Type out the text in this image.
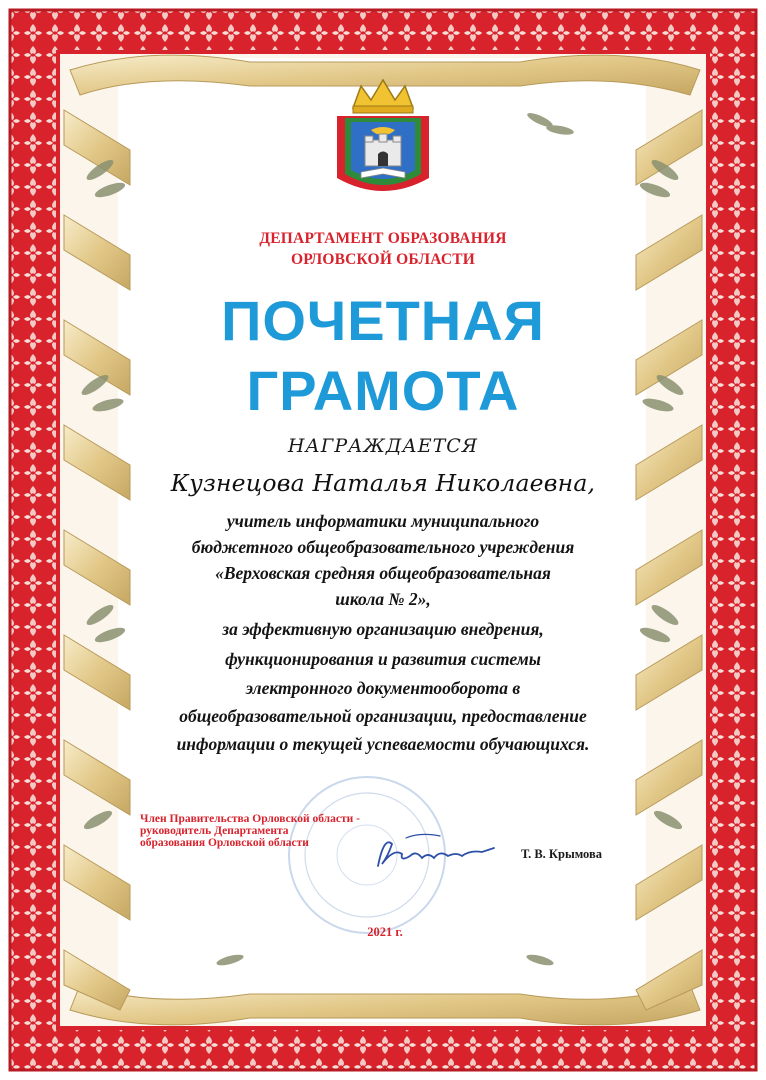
ДЕПАРТАМЕНТ ОБРАЗОВАНИЯ
ОРЛОВСКОЙ ОБЛАСТИ
ПОЧЕТНАЯ
ГРАМОТА
НАГРАЖДАЕТСЯ
Кузнецова Наталья Николаевна,
учитель информатики муниципального
бюджетного общеобразовательного учреждения
«Верховская средняя общеобразовательная
школа № 2»,
за эффективную организацию внедрения,
функционирования и развития системы
электронного документооборота в
общеобразовательной организации, предоставление
информации о текущей успеваемости обучающихся.
Член Правительства Орловской области -
руководитель Департамента
образования Орловской области
Т. В. Крымова
2021 г.
